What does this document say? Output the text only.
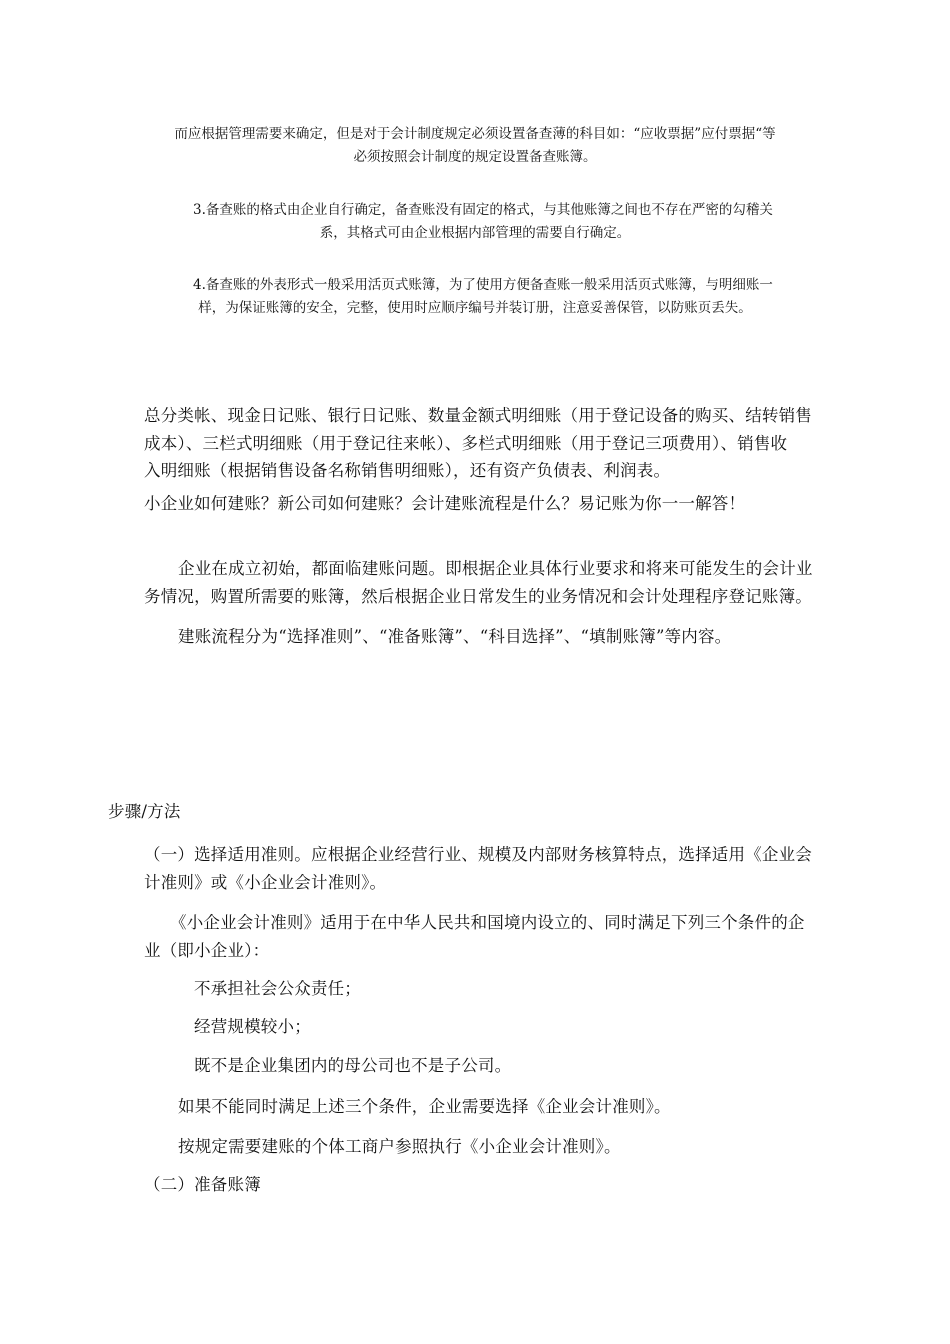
而应根据管理需要来确定，但是对于会计制度规定必须设置备查薄的科目如：“应收票据”应付票据“等

必须按照会计制度的规定设置备查账簿。

3.备查账的格式由企业自行确定，备查账没有固定的格式，与其他账簿之间也不存在严密的勾稽关

系，其格式可由企业根据内部管理的需要自行确定。

4.备查账的外表形式一般采用活页式账簿，为了使用方便备查账一般采用活页式账簿，与明细账一

样，为保证账簿的安全，完整，使用时应顺序编号并装订册，注意妥善保管，以防账页丢失。

总分类帐、现金日记账、银行日记账、数量金额式明细账（用于登记设备的购买、结转销售

成本）、三栏式明细账（用于登记往来帐）、多栏式明细账（用于登记三项费用）、销售收

入明细账（根据销售设备名称销售明细账），还有资产负债表、利润表。

小企业如何建账？新公司如何建账？会计建账流程是什么？易记账为你一一解答！

企业在成立初始，都面临建账问题。即根据企业具体行业要求和将来可能发生的会计业

务情况，购置所需要的账簿，然后根据企业日常发生的业务情况和会计处理程序登记账簿。

建账流程分为“选择准则”、“准备账簿”、“科目选择”、“填制账簿”等内容。

步骤/方法

（一）选择适用准则。应根据企业经营行业、规模及内部财务核算特点，选择适用《企业会

计准则》或《小企业会计准则》。

《小企业会计准则》适用于在中华人民共和国境内设立的、同时满足下列三个条件的企

业（即小企业）：

不承担社会公众责任；

经营规模较小；

既不是企业集团内的母公司也不是子公司。

如果不能同时满足上述三个条件，企业需要选择《企业会计准则》。

按规定需要建账的个体工商户参照执行《小企业会计准则》。

（二）准备账簿
